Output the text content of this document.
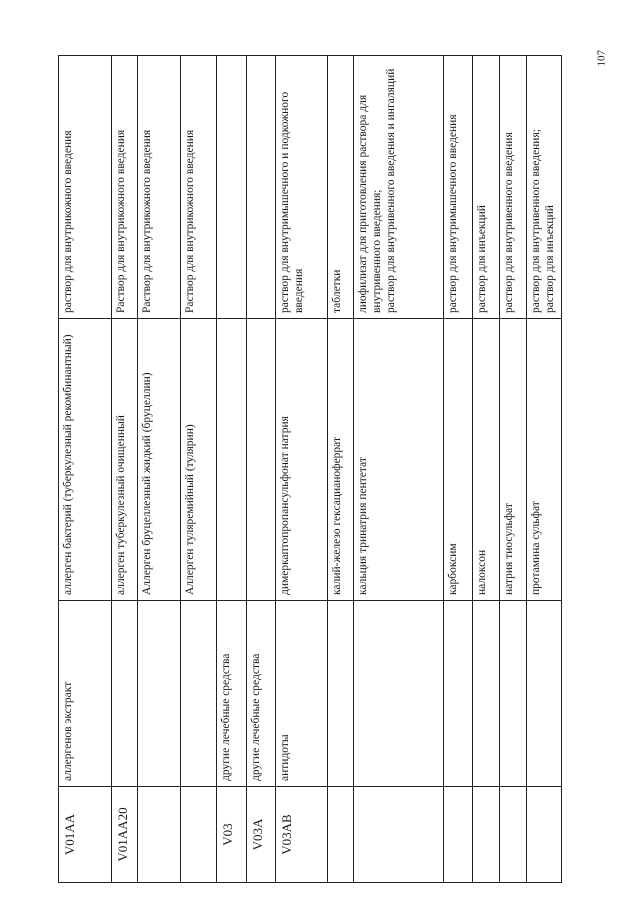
107
V01AA	аллергенов экстракт	аллерген бактерий (туберкулезный рекомбинантный)	раствор для внутрикожного введения

V01AA20		аллерген туберкулезный очищенный	Раствор для внутрикожного введения

		Аллерген бруцеллезный жидкий (бруцеллин)	Раствор для внутрикожного введения

		Аллерген туляремийный (тулярин)	Раствор для внутрикожного введения

V03	другие лечебные средства		
V03A	другие лечебные средства		
V03AB	антидоты	димеркаптопропансульфонат натрия	раствор для внутримышечного и подкожного введения

		калий-железо гексацианоферрат	таблетки

		кальция тринатрия пентетат	лиофилизат для приготовления раствора для внутривенного введения; раствор для внутривенного введения и ингаляций

		карбоксим	раствор для внутримышечного введения

		налоксон	раствор для инъекций

		натрия тиосульфат	раствор для внутривенного введения

		протамина сульфат	раствор для внутривенного введения; раствор для инъекций
